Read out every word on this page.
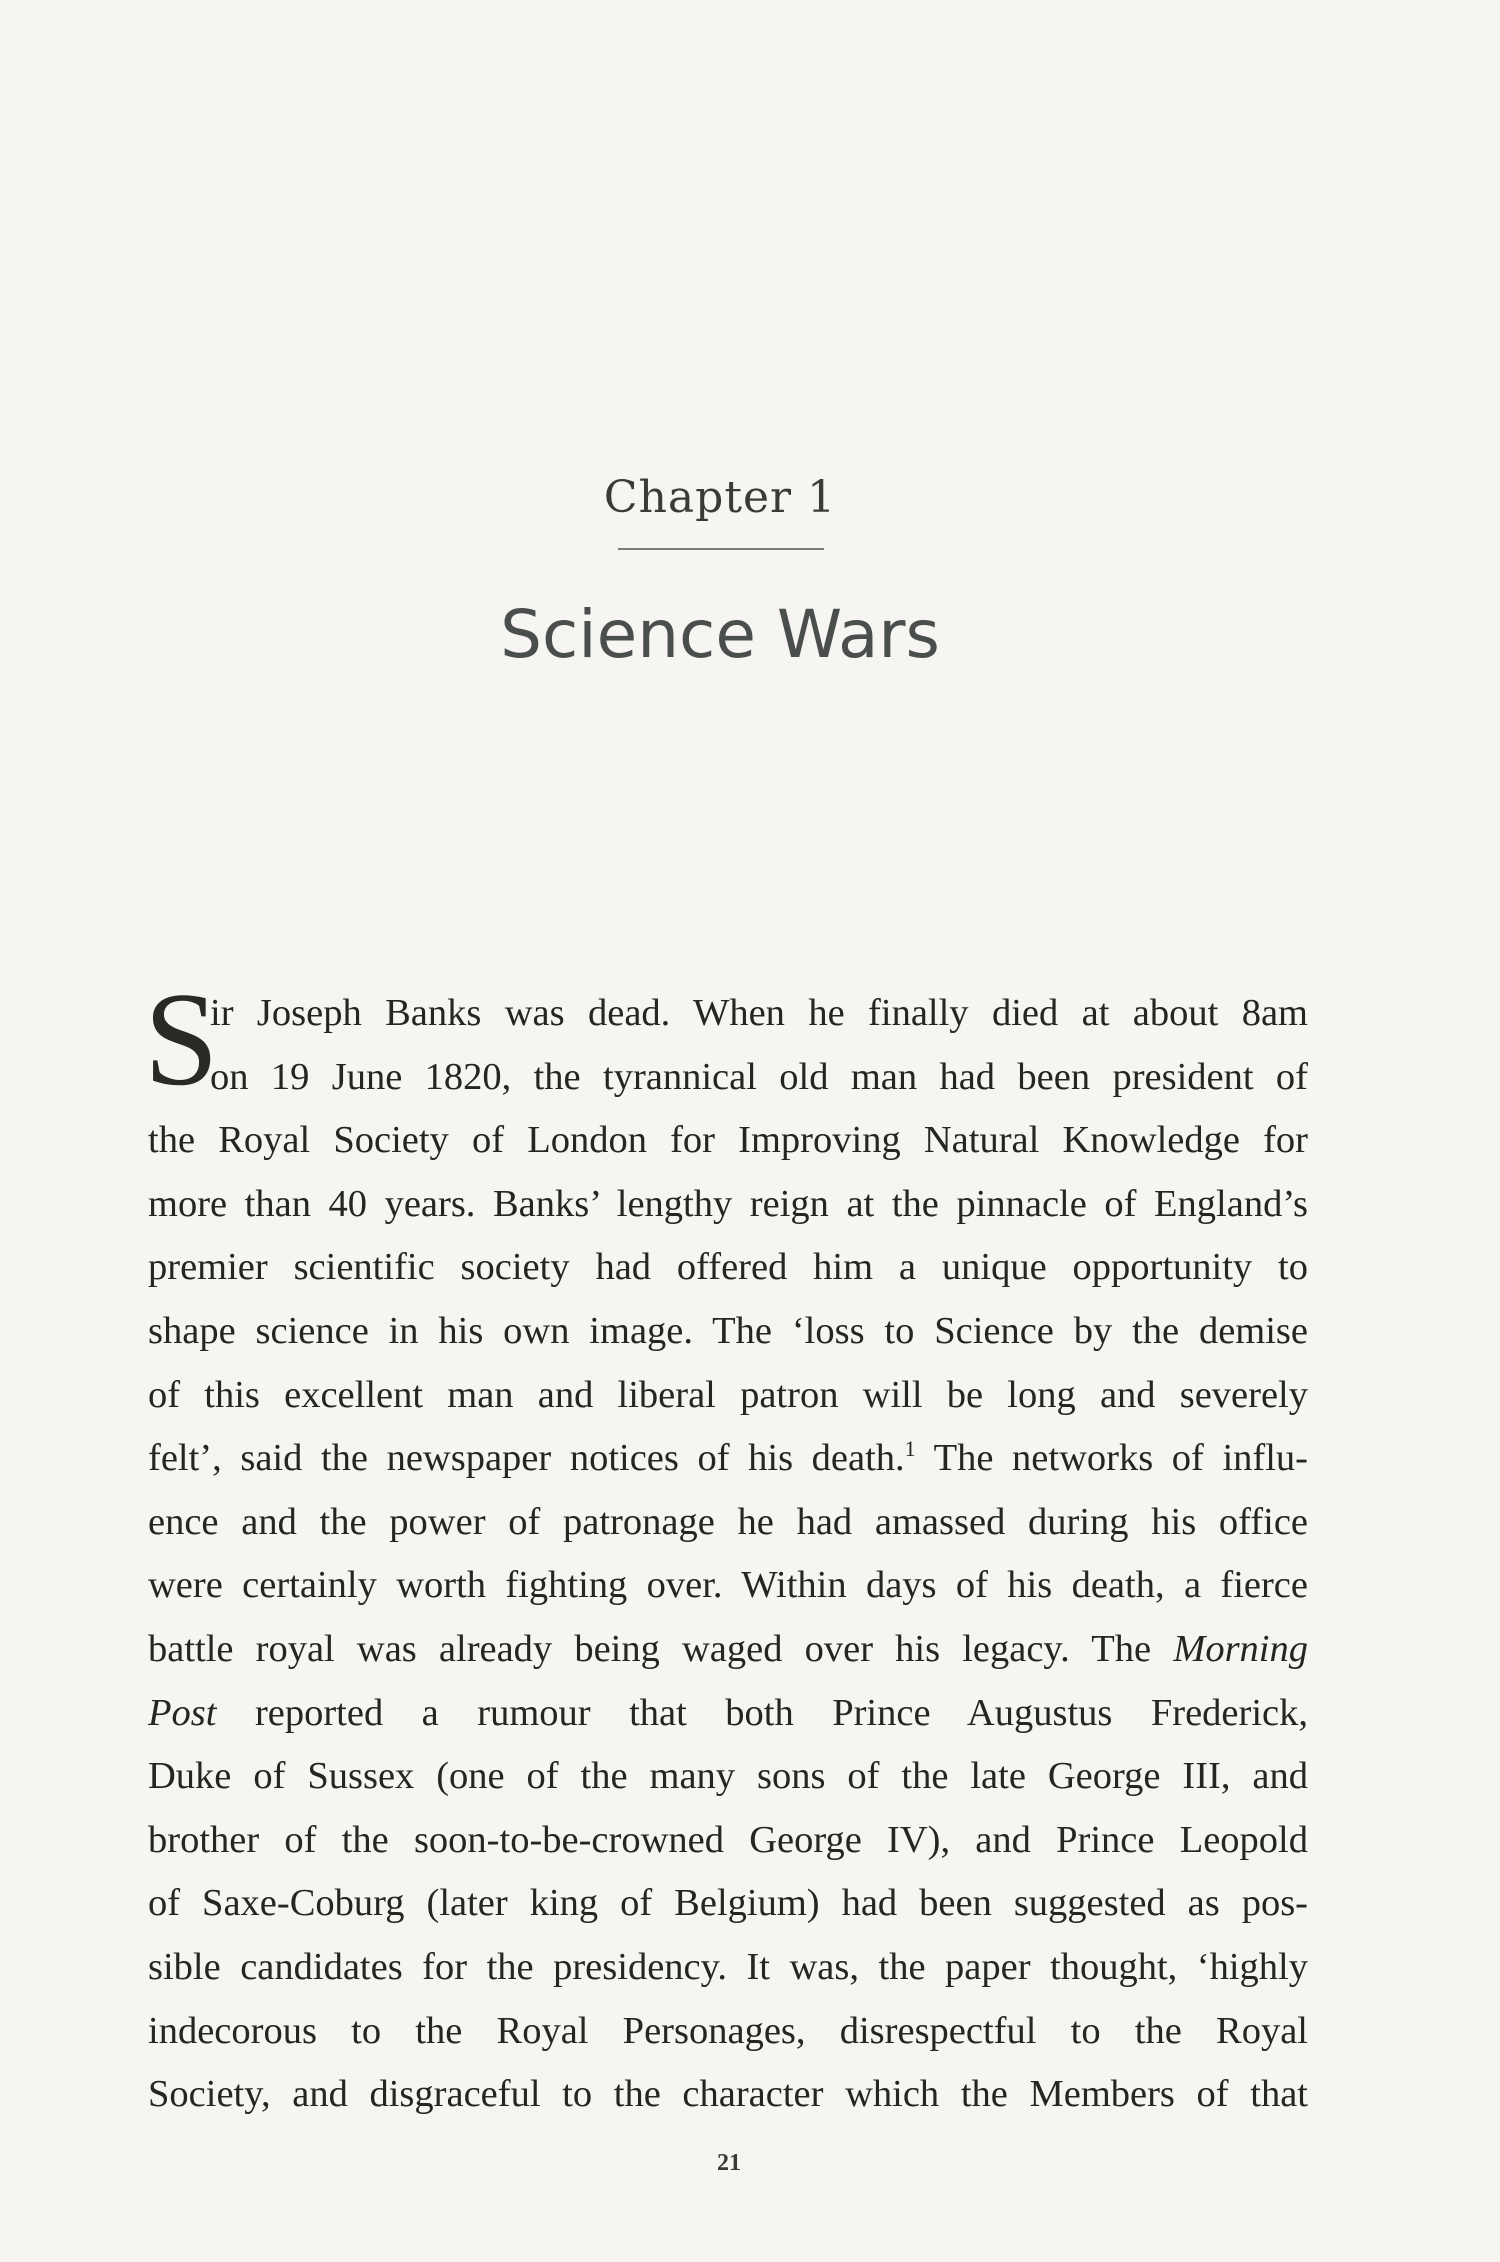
Chapter 1
Science Wars
S
ir Joseph Banks was dead. When he finally died at about 8am
on 19 June 1820, the tyrannical old man had been president of
the Royal Society of London for Improving Natural Knowledge for
more than 40 years. Banks’ lengthy reign at the pinnacle of England’s
premier scientific society had offered him a unique opportunity to
shape science in his own image. The ‘loss to Science by the demise
of this excellent man and liberal patron will be long and severely
felt’, said the newspaper notices of his death.$^1$ The networks of influ-
ence and the power of patronage he had amassed during his office
were certainly worth fighting over. Within days of his death, a fierce
battle royal was already being waged over his legacy. The Morning
Post reported a rumour that both Prince Augustus Frederick,
Duke of Sussex (one of the many sons of the late George III, and
brother of the soon-to-be-crowned George IV), and Prince Leopold
of Saxe-Coburg (later king of Belgium) had been suggested as pos-
sible candidates for the presidency. It was, the paper thought, ‘highly
indecorous to the Royal Personages, disrespectful to the Royal
Society, and disgraceful to the character which the Members of that
21
